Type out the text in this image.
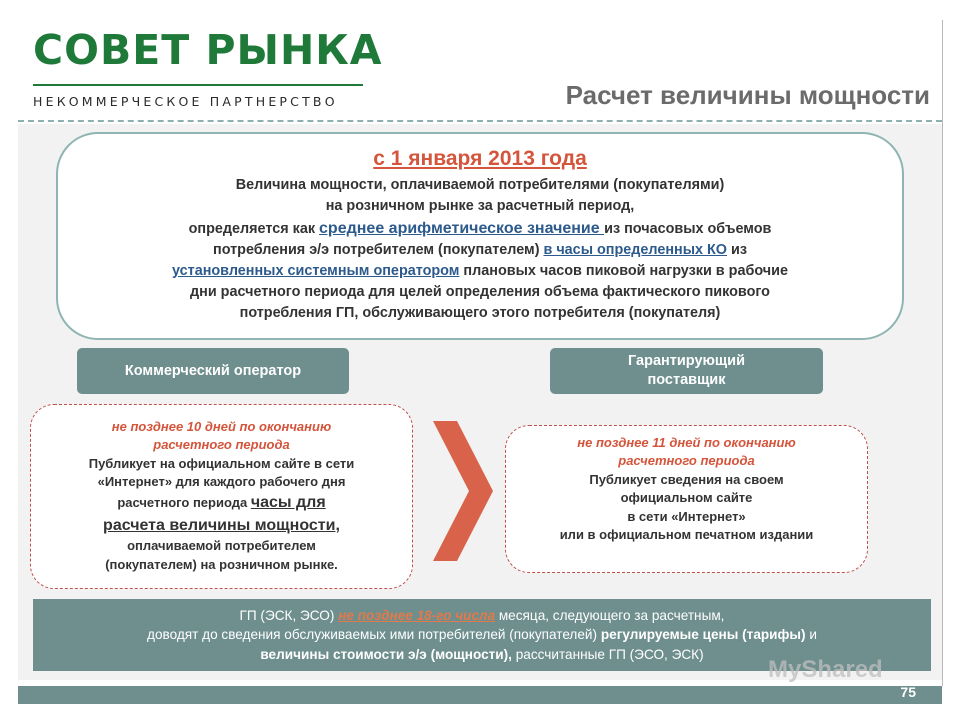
СОВЕТ РЫНКА
НЕКОММЕРЧЕСКОЕ ПАРТНЕРСТВО	Расчет величины мощности
с 1 января 2013 года
Величина мощности, оплачиваемой потребителями (покупателями)
на розничном рынке за расчетный период,
определяется как среднее арифметическое значение из почасовых объемов
потребления э/э потребителем (покупателем) в часы определенных КО из
установленных системным оператором плановых часов пиковой нагрузки в рабочие
дни расчетного периода для целей определения объема фактического пикового
потребления ГП, обслуживающего этого потребителя (покупателя)
Коммерческий оператор
Гарантирующий
поставщик
не позднее 10 дней по окончанию
расчетного периода
Публикует на официальном сайте в сети
«Интернет» для каждого рабочего дня
расчетного периода часы для
расчета величины мощности,
оплачиваемой потребителем
(покупателем) на розничном рынке.
не позднее 11 дней по окончанию
расчетного периода
Публикует сведения на своем
официальном сайте
в сети «Интернет»
или в официальном печатном издании
ГП (ЭСК, ЭСО) не позднее 18-го числа месяца, следующего за расчетным,
доводят до сведения обслуживаемых ими потребителей (покупателей) регулируемые цены (тарифы) и
величины стоимости э/э (мощности), рассчитанные ГП (ЭСО, ЭСК)
MyShared
75
